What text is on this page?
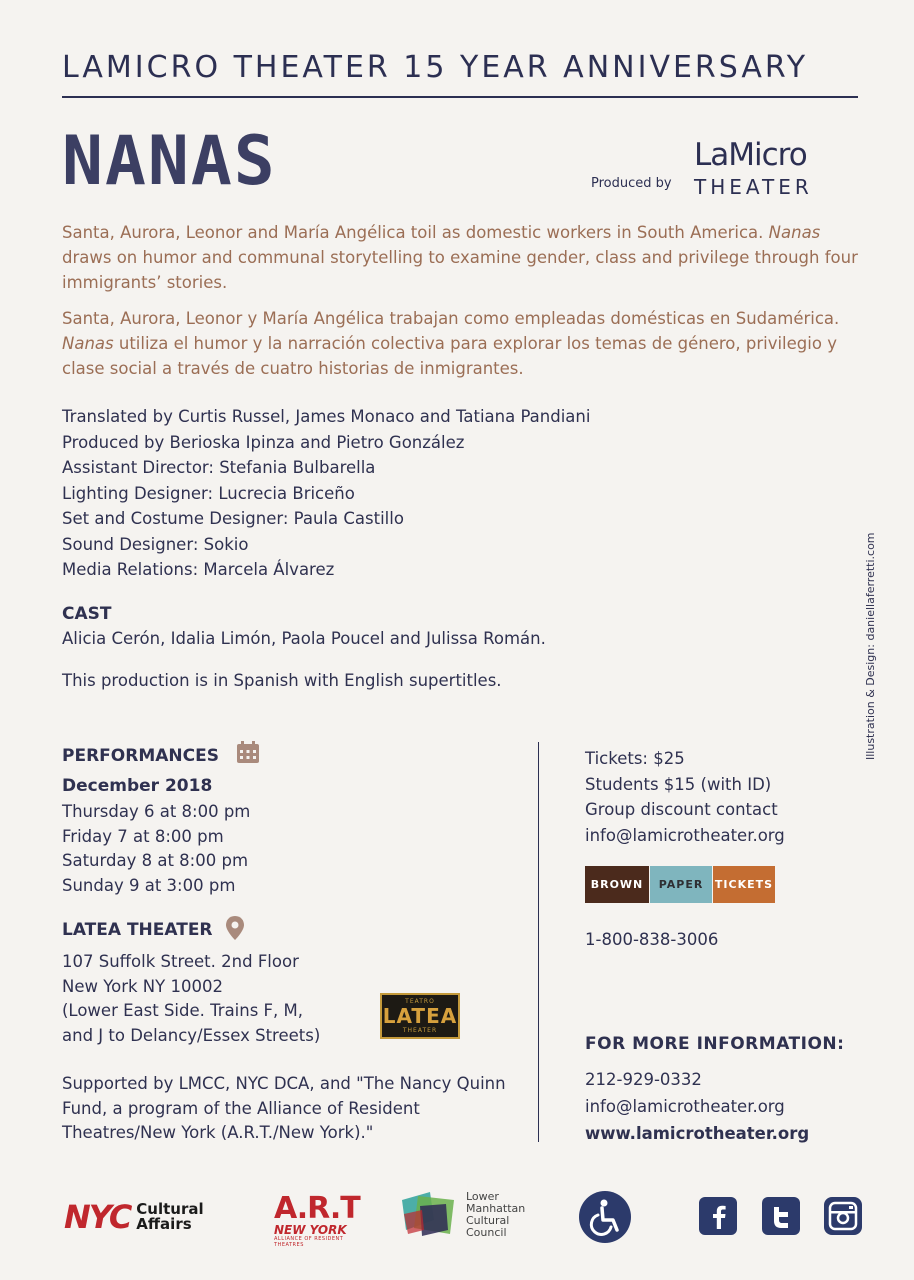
LAMICRO THEATER 15 YEAR ANNIVERSARY
NANAS	Produced by
LaMicro
THEATER
Santa, Aurora, Leonor and María Angélica toil as domestic workers in South America. Nanas draws on humor and communal storytelling to examine gender, class and privilege through four immigrants’ stories.
Santa, Aurora, Leonor y María Angélica trabajan como empleadas domésticas en Sudamérica. Nanas utiliza el humor y la narración colectiva para explorar los temas de género, privilegio y clase social a través de cuatro historias de inmigrantes.
Translated by Curtis Russel, James Monaco and Tatiana Pandiani
Produced by Berioska Ipinza and Pietro González
Assistant Director: Stefania Bulbarella
Lighting Designer: Lucrecia Briceño
Set and Costume Designer: Paula Castillo
Sound Designer: Sokio
Media Relations: Marcela Álvarez
CAST
Alicia Cerón, Idalia Limón, Paola Poucel and Julissa Román.
This production is in Spanish with English supertitles.	Illustration & Design: daniellaferretti.com
PERFORMANCES
December 2018
Thursday 6 at 8:00 pm
Friday 7 at 8:00 pm
Saturday 8 at 8:00 pm
Sunday 9 at 3:00 pm
LATEA THEATER
107 Suffolk Street. 2nd Floor
New York NY 10002
(Lower East Side. Trains F, M,
and J to Delancy/Essex Streets)
TEATRO
LATEA
THEATER
Supported by LMCC, NYC DCA, and "The Nancy Quinn Fund, a program of the Alliance of Resident Theatres/New York (A.R.T./New York)."
Tickets: $25
Students $15 (with ID)
Group discount contact
info@lamicrotheater.org
BROWN	PAPER	TICKETS
1-800-838-3006
FOR MORE INFORMATION:
212-929-0332
info@lamicrotheater.org
www.lamicrotheater.org
NYC Cultural
Affairs	A.R.T
NEW YORK
ALLIANCE OF RESIDENT THEATRES
Lower
Manhattan
Cultural
Council
